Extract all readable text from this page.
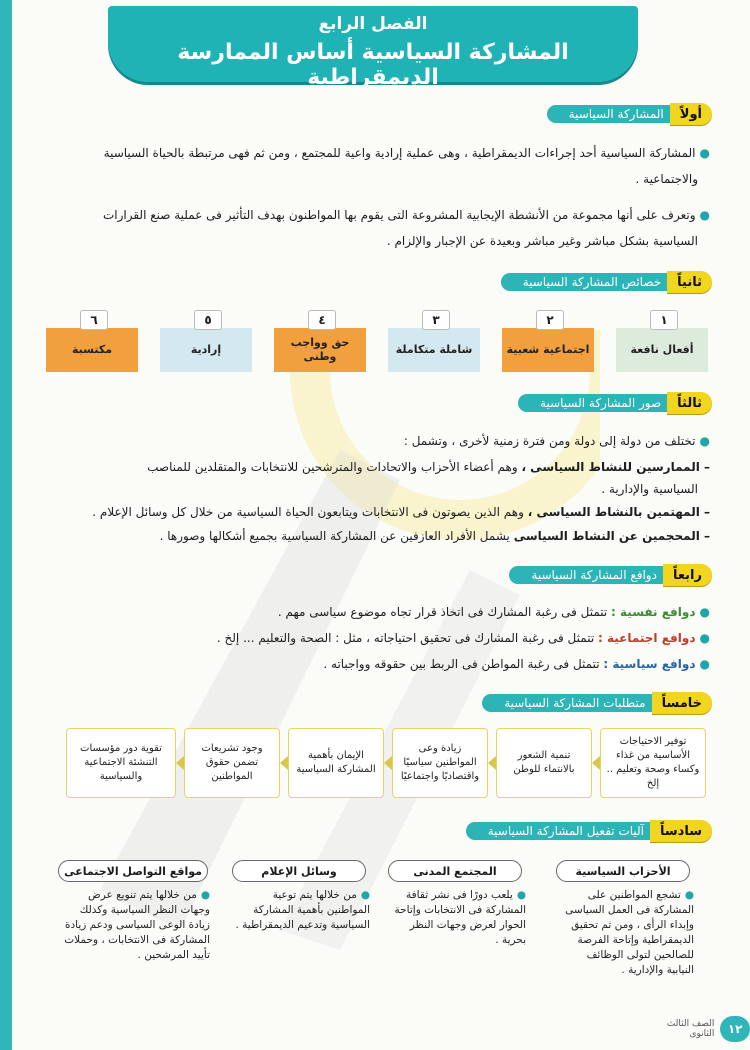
الفصل الرابع
المشاركة السياسية أساس الممارسة الديمقراطية
أولاً
المشاركة السياسية
●المشاركة السياسية أحد إجراءات الديمقراطية ، وهى عملية إرادية واعية للمجتمع ، ومن ثم فهى مرتبطة بالحياة السياسية
والاجتماعية .
●وتعرف على أنها مجموعة من الأنشطة الإيجابية المشروعة التى يقوم بها المواطنون بهدف التأثير فى عملية صنع القرارات
السياسية بشكل مباشر وغير مباشر وبعيدة عن الإجبار والإلزام .
ثانياً
خصائص المشاركة السياسية
١
أفعال نافعة
٢
اجتماعية شعبية
٣
شاملة متكاملة
٤
حق وواجب وطنى
٥
إرادية
٦
مكتسبة
ثالثاً
صور المشاركة السياسية
●تختلف من دولة إلى دولة ومن فترة زمنية لأخرى ، وتشمل :
– الممارسين للنشاط السياسى ، وهم أعضاء الأحزاب والاتحادات والمترشحين للانتخابات والمتقلدين للمناصب
السياسية والإدارية .
– المهتمين بالنشاط السياسى ، وهم الذين يصوتون فى الانتخابات ويتابعون الحياة السياسية من خلال كل وسائل الإعلام .
– المحجمين عن النشاط السياسى يشمل الأفراد العازفين عن المشاركة السياسية بجميع أشكالها وصورها .
رابعاً
دوافع المشاركة السياسية
●دوافع نفسية : تتمثل فى رغبة المشارك فى اتخاذ قرار تجاه موضوع سياسى مهم .
●دوافع اجتماعية : تتمثل فى رغبة المشارك فى تحقيق احتياجاته ، مثل : الصحة والتعليم ... إلخ .
●دوافع سياسية : تتمثل فى رغبة المواطن فى الربط بين حقوقه وواجباته .
خامساً
متطلبات المشاركة السياسية
توفير الاحتياجات الأساسية من غذاء وكساء وصحة وتعليم .. إلخ
تنمية الشعور بالانتماء للوطن
زيادة وعى المواطنين سياسيًا واقتصاديًا واجتماعيًا
الإيمان بأهمية المشاركة السياسية
وجود تشريعات تضمن حقوق المواطنين
تقوية دور مؤسسات التنشئة الاجتماعية والسياسية
سادساً
آليات تفعيل المشاركة السياسية
الأحزاب السياسية
●تشجع المواطنين على المشاركة فى العمل السياسى وإبداء الرأى ، ومن ثم تحقيق الديمقراطية وإتاحة الفرصة للصالحين لتولى الوظائف النيابية والإدارية .
المجتمع المدنى
●يلعب دورًا فى نشر ثقافة المشاركة فى الانتخابات وإتاحة الحوار لعرض وجهات النظر بحرية .
وسائل الإعلام
●من خلالها يتم توعية المواطنين بأهمية المشاركة السياسية وتدعيم الديمقراطية .
مواقع التواصل الاجتماعى
●من خلالها يتم تنويع عرض وجهات النظر السياسية وكذلك زيادة الوعى السياسى ودعم زيادة المشاركة فى الانتخابات ، وحملات تأييد المرشحين .
١٢
الصف الثالث الثانوى
